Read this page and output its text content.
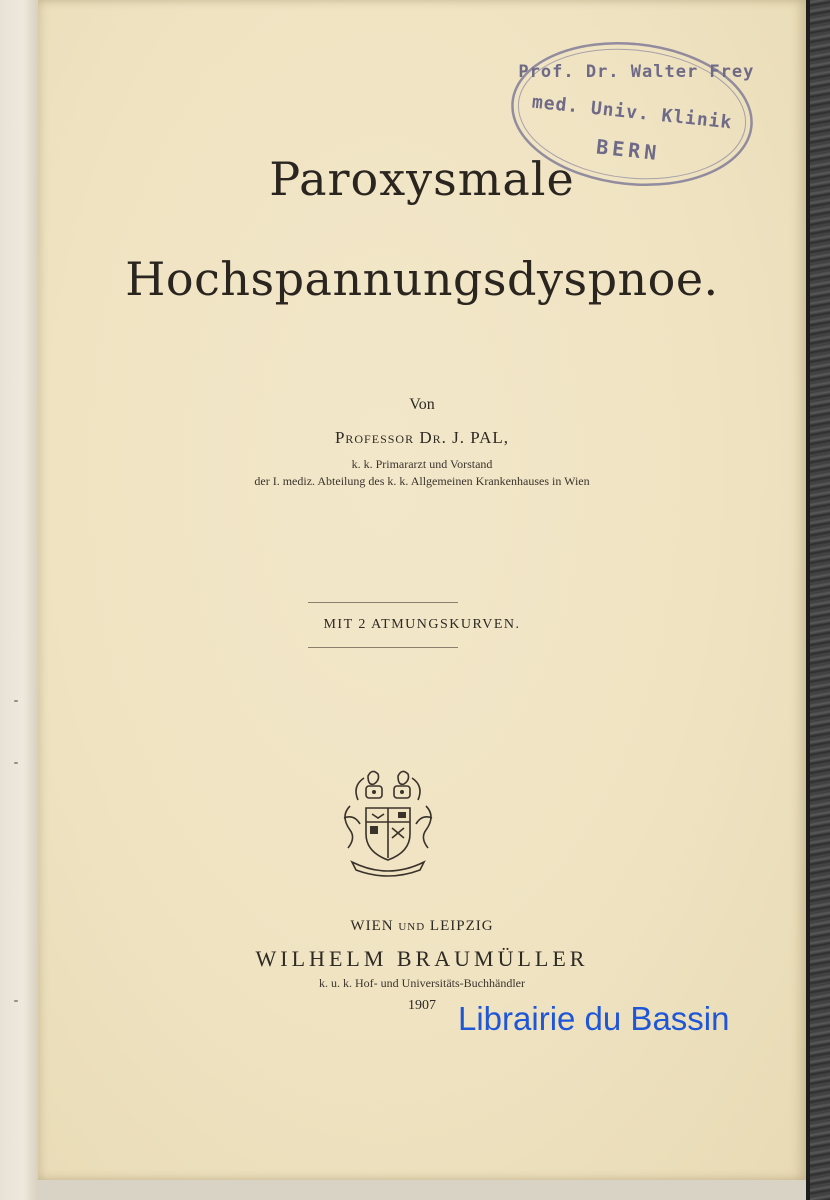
Prof. Dr. Walter Frey
med. Univ. Klinik
BERN
Paroxysmale
Hochspannungsdyspnoe.
Von
Professor Dr. J. PAL,
k. k. Primararzt und Vorstand
der I. mediz. Abteilung des k. k. Allgemeinen Krankenhauses in Wien
MIT 2 ATMUNGSKURVEN.
WIEN UND LEIPZIG
WILHELM BRAUMÜLLER
k. u. k. Hof- und Universitäts-Buchhändler
1907 Librairie du Bassin
